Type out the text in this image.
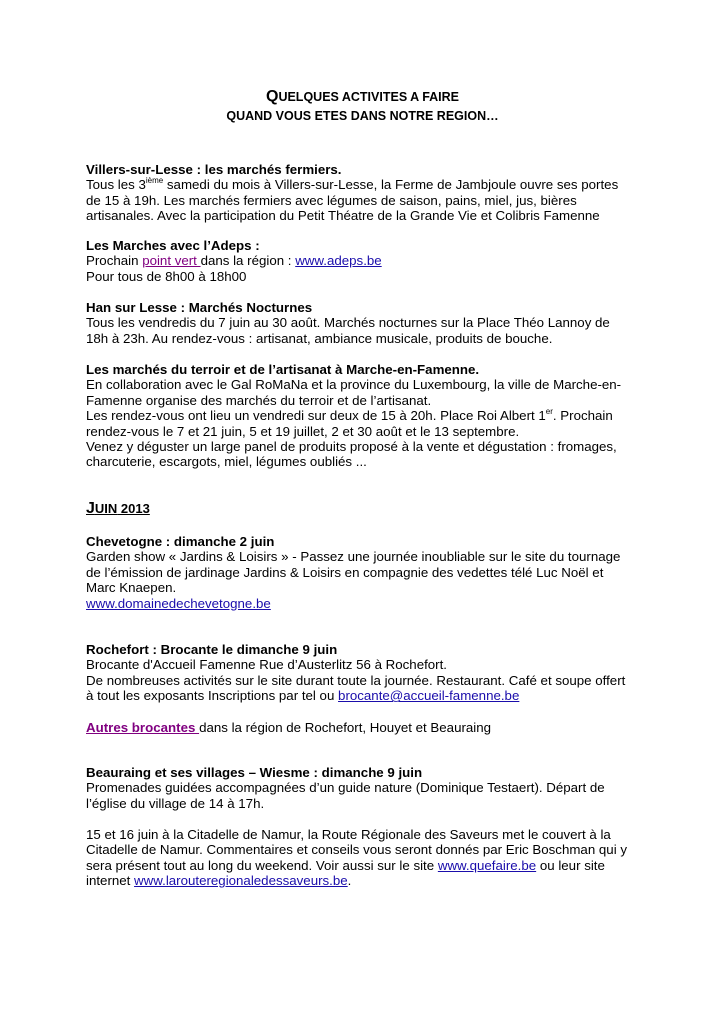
QUELQUES ACTIVITES A FAIRE
QUAND VOUS ETES DANS NOTRE REGION…
Villers-sur-Lesse : les marchés fermiers.
Tous les 3ième samedi du mois à Villers-sur-Lesse, la Ferme de Jambjoule ouvre ses portes
de 15 à 19h. Les marchés fermiers avec légumes de saison, pains, miel, jus, bières
artisanales. Avec la participation du Petit Théatre de la Grande Vie et Colibris Famenne
Les Marches avec l’Adeps :
Prochain point vert dans la région : www.adeps.be
Pour tous de 8h00 à 18h00
Han sur Lesse : Marchés Nocturnes
Tous les vendredis du 7 juin au 30 août. Marchés nocturnes sur la Place Théo Lannoy de
18h à 23h. Au rendez-vous : artisanat, ambiance musicale, produits de bouche.
Les marchés du terroir et de l’artisanat à Marche-en-Famenne.
En collaboration avec le Gal RoMaNa et la province du Luxembourg, la ville de Marche-en-
Famenne organise des marchés du terroir et de l’artisanat.
Les rendez-vous ont lieu un vendredi sur deux de 15 à 20h. Place Roi Albert 1er. Prochain
rendez-vous le 7 et 21 juin, 5 et 19 juillet, 2 et 30 août et le 13 septembre.
Venez y déguster un large panel de produits proposé à la vente et dégustation : fromages,
charcuterie, escargots, miel, légumes oubliés ...
JUIN 2013
Chevetogne : dimanche 2 juin
Garden show « Jardins & Loisirs » - Passez une journée inoubliable sur le site du tournage
de l’émission de jardinage Jardins & Loisirs en compagnie des vedettes télé Luc Noël et
Marc Knaepen.
www.domainedechevetogne.be
Rochefort : Brocante le dimanche 9 juin
Brocante d'Accueil Famenne Rue d’Austerlitz 56 à Rochefort.
De nombreuses activités sur le site durant toute la journée. Restaurant. Café et soupe offert
à tout les exposants Inscriptions par tel ou brocante@accueil-famenne.be
Autres brocantes dans la région de Rochefort, Houyet et Beauraing
Beauraing et ses villages – Wiesme : dimanche 9 juin
Promenades guidées accompagnées d’un guide nature (Dominique Testaert). Départ de
l’église du village de 14 à 17h.
15 et 16 juin à la Citadelle de Namur, la Route Régionale des Saveurs met le couvert à la
Citadelle de Namur. Commentaires et conseils vous seront donnés par Eric Boschman qui y
sera présent tout au long du weekend. Voir aussi sur le site www.quefaire.be ou leur site
internet www.larouteregionaledessaveurs.be.
